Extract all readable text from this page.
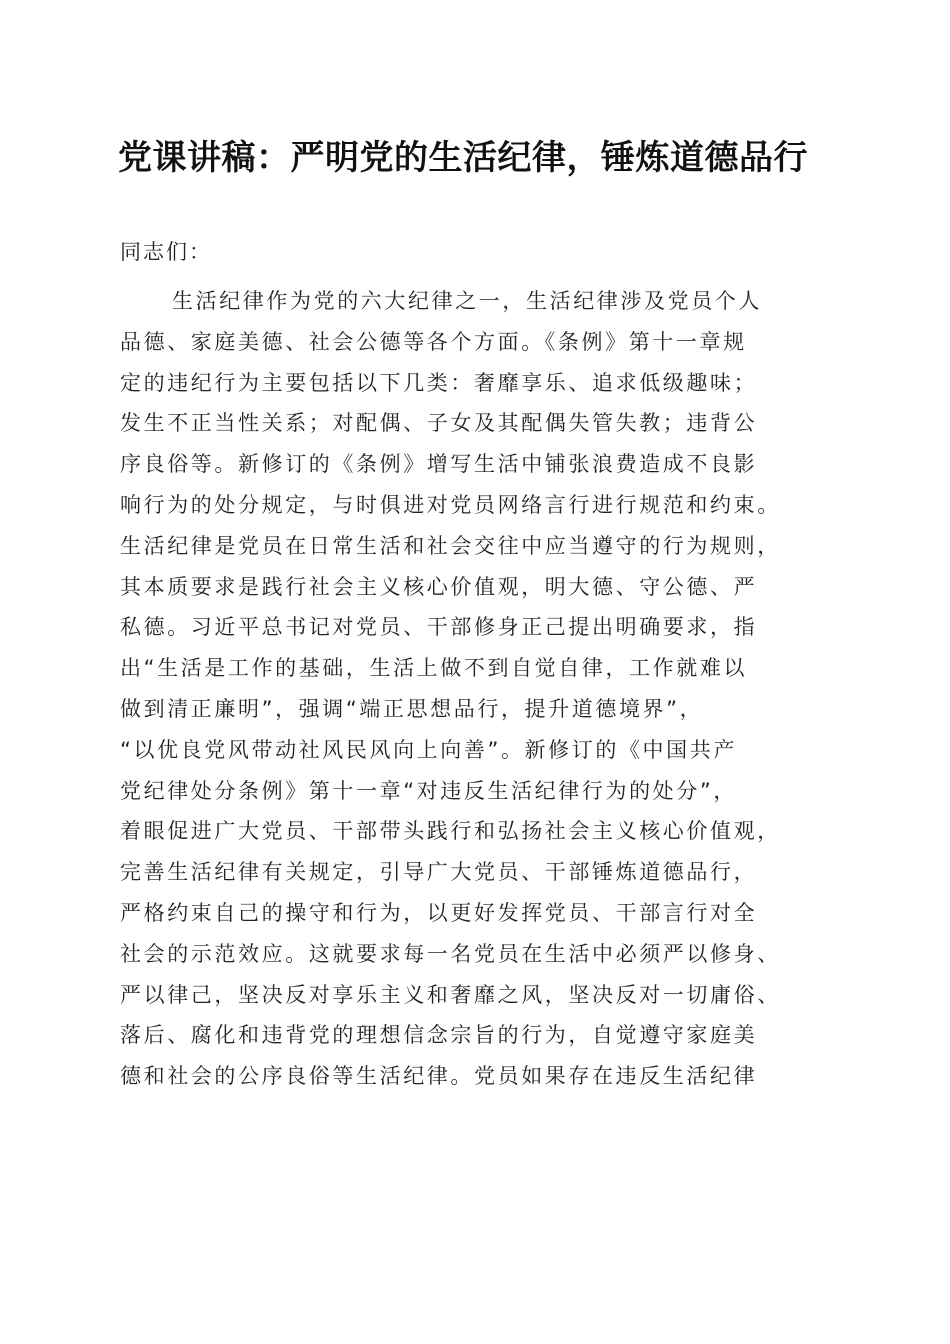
党课讲稿：严明党的生活纪律，锤炼道德品行

同志们：

生活纪律作为党的六大纪律之一，生活纪律涉及党员个人
品德、家庭美德、社会公德等各个方面。《条例》第十一章规
定的违纪行为主要包括以下几类：奢靡享乐、追求低级趣味；
发生不正当性关系；对配偶、子女及其配偶失管失教；违背公
序良俗等。新修订的《条例》增写生活中铺张浪费造成不良影
响行为的处分规定，与时俱进对党员网络言行进行规范和约束。
生活纪律是党员在日常生活和社会交往中应当遵守的行为规则，
其本质要求是践行社会主义核心价值观，明大德、守公德、严
私德。习近平总书记对党员、干部修身正己提出明确要求，指
出“生活是工作的基础，生活上做不到自觉自律，工作就难以
做到清正廉明”，强调“端正思想品行，提升道德境界”，
“以优良党风带动社风民风向上向善”。新修订的《中国共产
党纪律处分条例》第十一章“对违反生活纪律行为的处分”，
着眼促进广大党员、干部带头践行和弘扬社会主义核心价值观，
完善生活纪律有关规定，引导广大党员、干部锤炼道德品行，
严格约束自己的操守和行为，以更好发挥党员、干部言行对全
社会的示范效应。这就要求每一名党员在生活中必须严以修身、
严以律己，坚决反对享乐主义和奢靡之风，坚决反对一切庸俗、
落后、腐化和违背党的理想信念宗旨的行为，自觉遵守家庭美
德和社会的公序良俗等生活纪律。党员如果存在违反生活纪律
